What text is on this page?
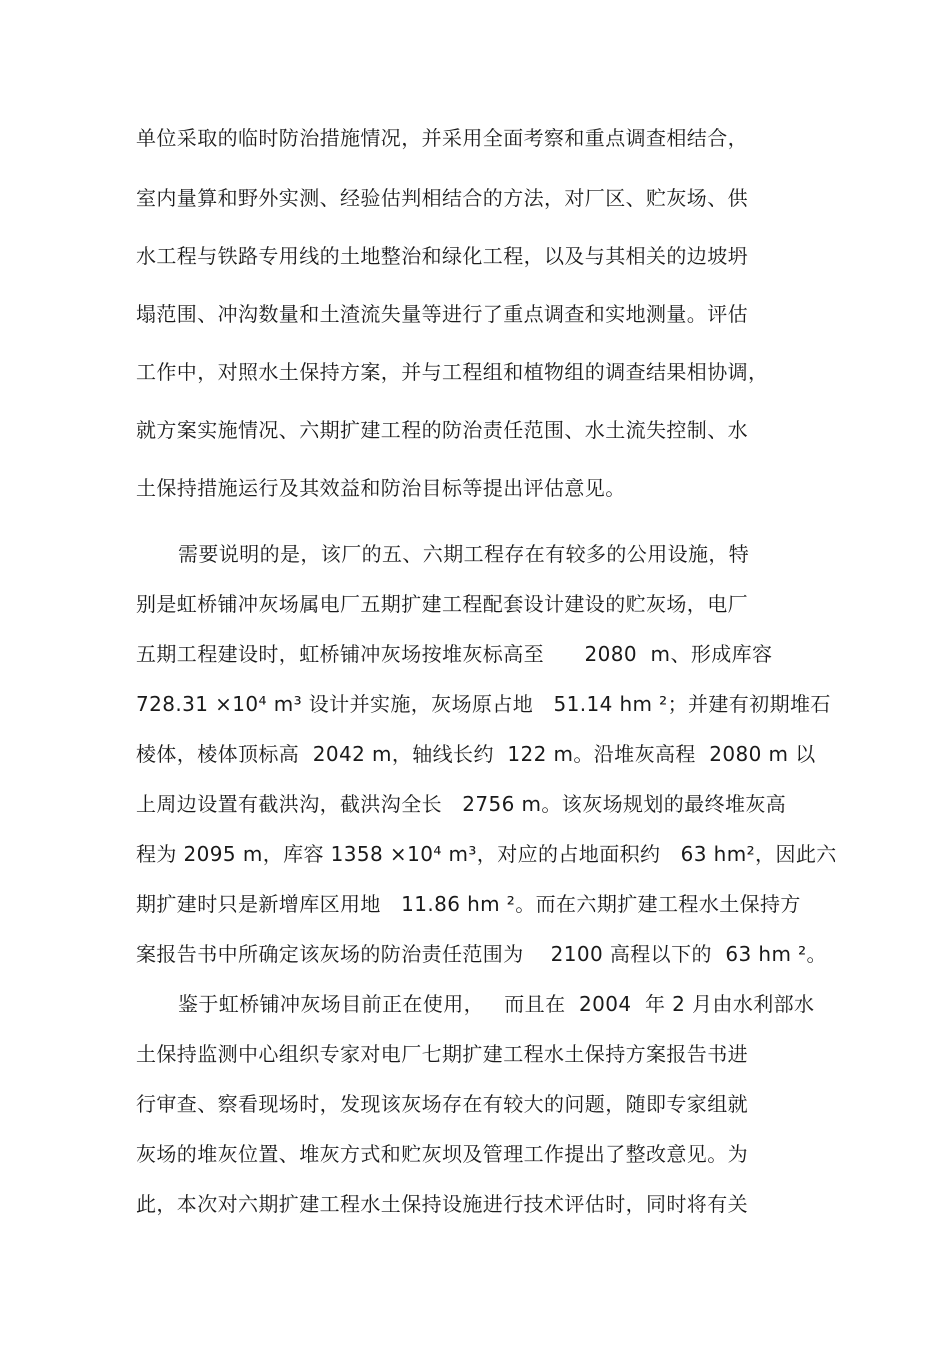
单位采取的临时防治措施情况，并采用全面考察和重点调查相结合，
室内量算和野外实测、经验估判相结合的方法，对厂区、贮灰场、供
水工程与铁路专用线的土地整治和绿化工程，以及与其相关的边坡坍
塌范围、冲沟数量和土渣流失量等进行了重点调查和实地测量。评估
工作中，对照水土保持方案，并与工程组和植物组的调查结果相协调，
就方案实施情况、六期扩建工程的防治责任范围、水土流失控制、水
土保持措施运行及其效益和防治目标等提出评估意见。
需要说明的是，该厂的五、六期工程存在有较多的公用设施，特
别是虹桥铺冲灰场属电厂五期扩建工程配套设计建设的贮灰场，电厂
五期工程建设时，虹桥铺冲灰场按堆灰标高至      2080  m、形成库容
728.31 ×10⁴ m³ 设计并实施，灰场原占地   51.14 hm ²；并建有初期堆石
棱体，棱体顶标高  2042 m，轴线长约  122 m。沿堆灰高程  2080 m 以
上周边设置有截洪沟，截洪沟全长   2756 m。该灰场规划的最终堆灰高
程为 2095 m，库容 1358 ×10⁴ m³，对应的占地面积约   63 hm²，因此六
期扩建时只是新增库区用地   11.86 hm ²。而在六期扩建工程水土保持方
案报告书中所确定该灰场的防治责任范围为    2100 高程以下的  63 hm ²。
鉴于虹桥铺冲灰场目前正在使用，   而且在  2004  年 2 月由水利部水
土保持监测中心组织专家对电厂七期扩建工程水土保持方案报告书进
行审查、察看现场时，发现该灰场存在有较大的问题，随即专家组就
灰场的堆灰位置、堆灰方式和贮灰坝及管理工作提出了整改意见。为
此，本次对六期扩建工程水土保持设施进行技术评估时，同时将有关
